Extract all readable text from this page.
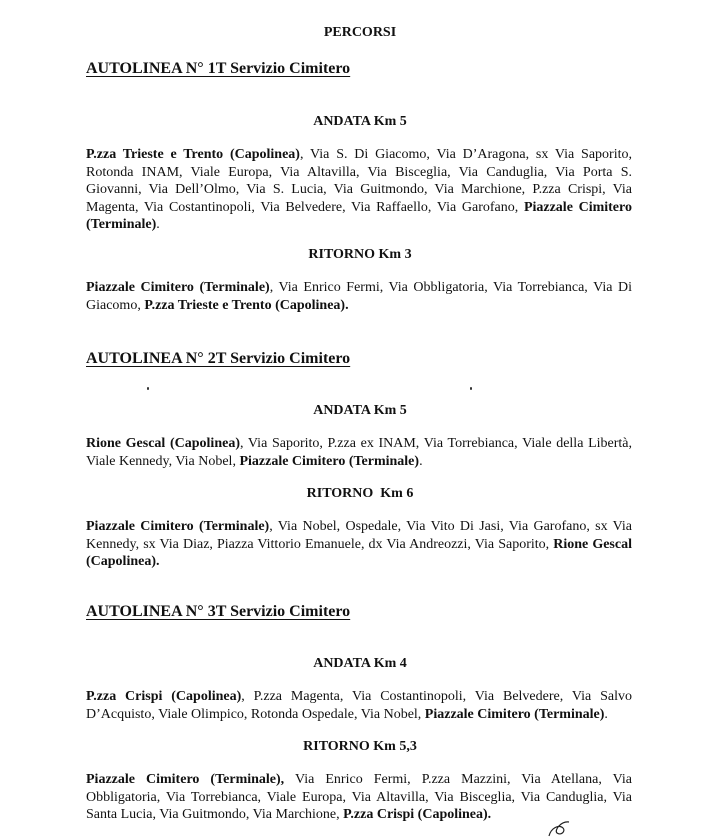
PERCORSI
AUTOLINEA N° 1T Servizio Cimitero
ANDATA Km 5
P.zza Trieste e Trento (Capolinea), Via S. Di Giacomo, Via D’Aragona, sx Via Saporito, Rotonda INAM, Viale Europa, Via Altavilla, Via Bisceglia, Via Canduglia, Via Porta S. Giovanni, Via Dell’Olmo, Via S. Lucia, Via Guitmondo, Via Marchione, P.zza Crispi, Via Magenta, Via Costantinopoli, Via Belvedere, Via Raffaello, Via Garofano, Piazzale Cimitero (Terminale).
RITORNO Km 3
Piazzale Cimitero (Terminale), Via Enrico Fermi, Via Obbligatoria, Via Torrebianca, Via Di Giacomo, P.zza Trieste e Trento (Capolinea).
AUTOLINEA N° 2T Servizio Cimitero
ANDATA Km 5
Rione Gescal (Capolinea), Via Saporito, P.zza ex INAM, Via Torrebianca, Viale della Libertà, Viale Kennedy, Via Nobel, Piazzale Cimitero (Terminale).
RITORNO  Km 6
Piazzale Cimitero (Terminale), Via Nobel, Ospedale, Via Vito Di Jasi, Via Garofano, sx Via Kennedy, sx Via Diaz, Piazza Vittorio Emanuele, dx Via Andreozzi, Via Saporito, Rione Gescal (Capolinea).
AUTOLINEA N° 3T Servizio Cimitero
ANDATA Km 4
P.zza Crispi (Capolinea), P.zza Magenta, Via Costantinopoli, Via Belvedere, Via Salvo D’Acquisto, Viale Olimpico, Rotonda Ospedale, Via Nobel, Piazzale Cimitero (Terminale).
RITORNO Km 5,3
Piazzale Cimitero (Terminale), Via Enrico Fermi, P.zza Mazzini, Via Atellana, Via Obbligatoria, Via Torrebianca, Viale Europa, Via Altavilla, Via Bisceglia, Via Canduglia, Via Santa Lucia, Via Guitmondo, Via Marchione, P.zza Crispi (Capolinea).
